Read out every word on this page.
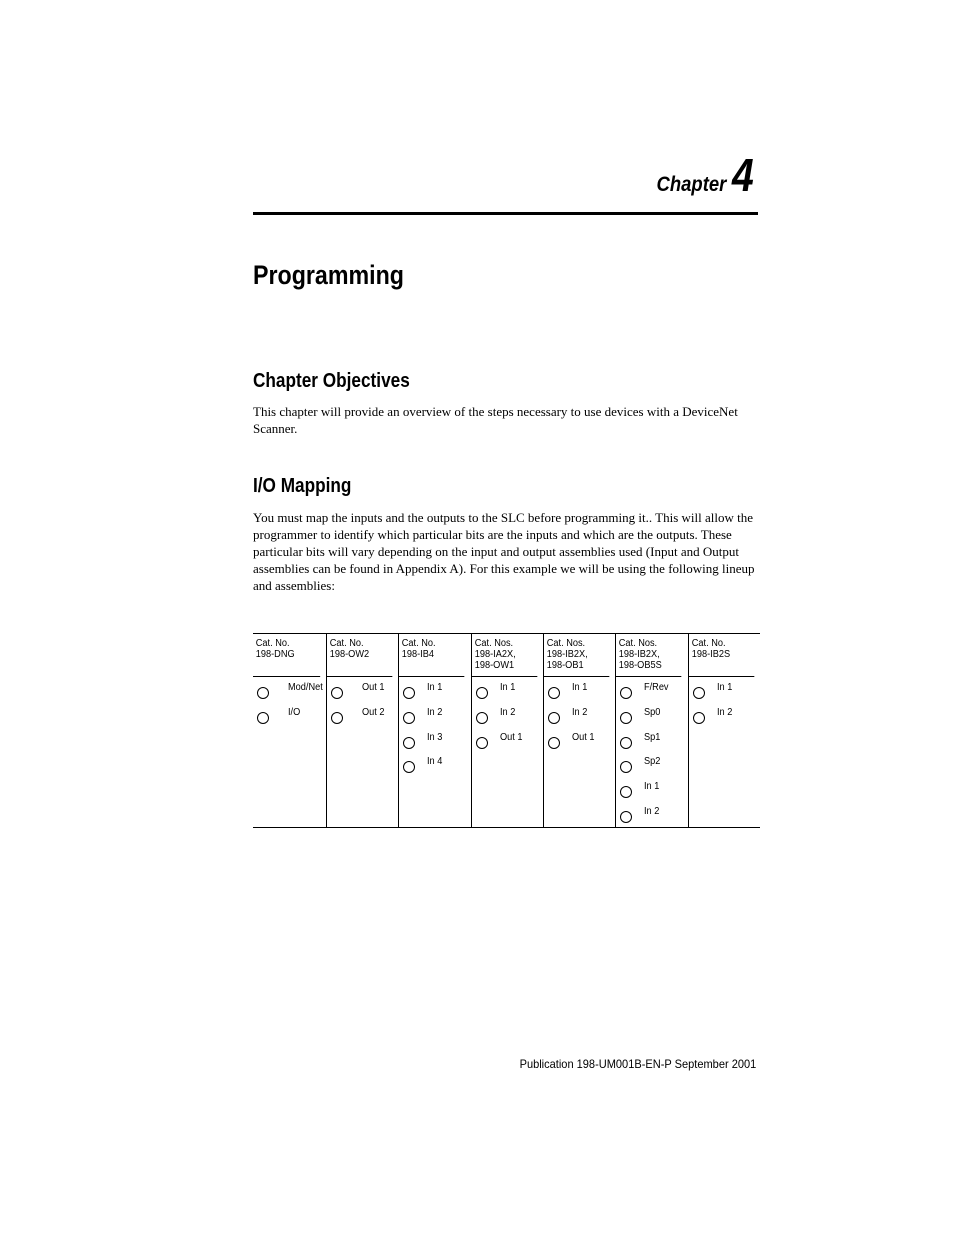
Chapter 4
Programming
Chapter Objectives

This chapter will provide an overview of the steps necessary to use devices with a DeviceNet Scanner.

I/O Mapping

You must map the inputs and the outputs to the SLC before programming it.. This will allow the programmer to identify which particular bits are the inputs and which are the outputs. These particular bits will vary depending on the input and output assemblies used (Input and Output assemblies can be found in Appendix A). For this example we will be using the following lineup and assemblies:

Cat. No.
198-DNG
Mod/Net
I/O
Cat. No.
198-OW2
Out 1
Out 2
Cat. No.
198-IB4
In 1
In 2
In 3
In 4
Cat. Nos.
198-IA2X,
198-OW1
In 1
In 2
Out 1
Cat. Nos.
198-IB2X,
198-OB1
In 1
In 2
Out 1
Cat. Nos.
198-IB2X,
198-OB5S
F/Rev
Sp0
Sp1
Sp2
In 1
In 2
Cat. No.
198-IB2S
In 1
In 2
Publication 198-UM001B-EN-P September 2001
